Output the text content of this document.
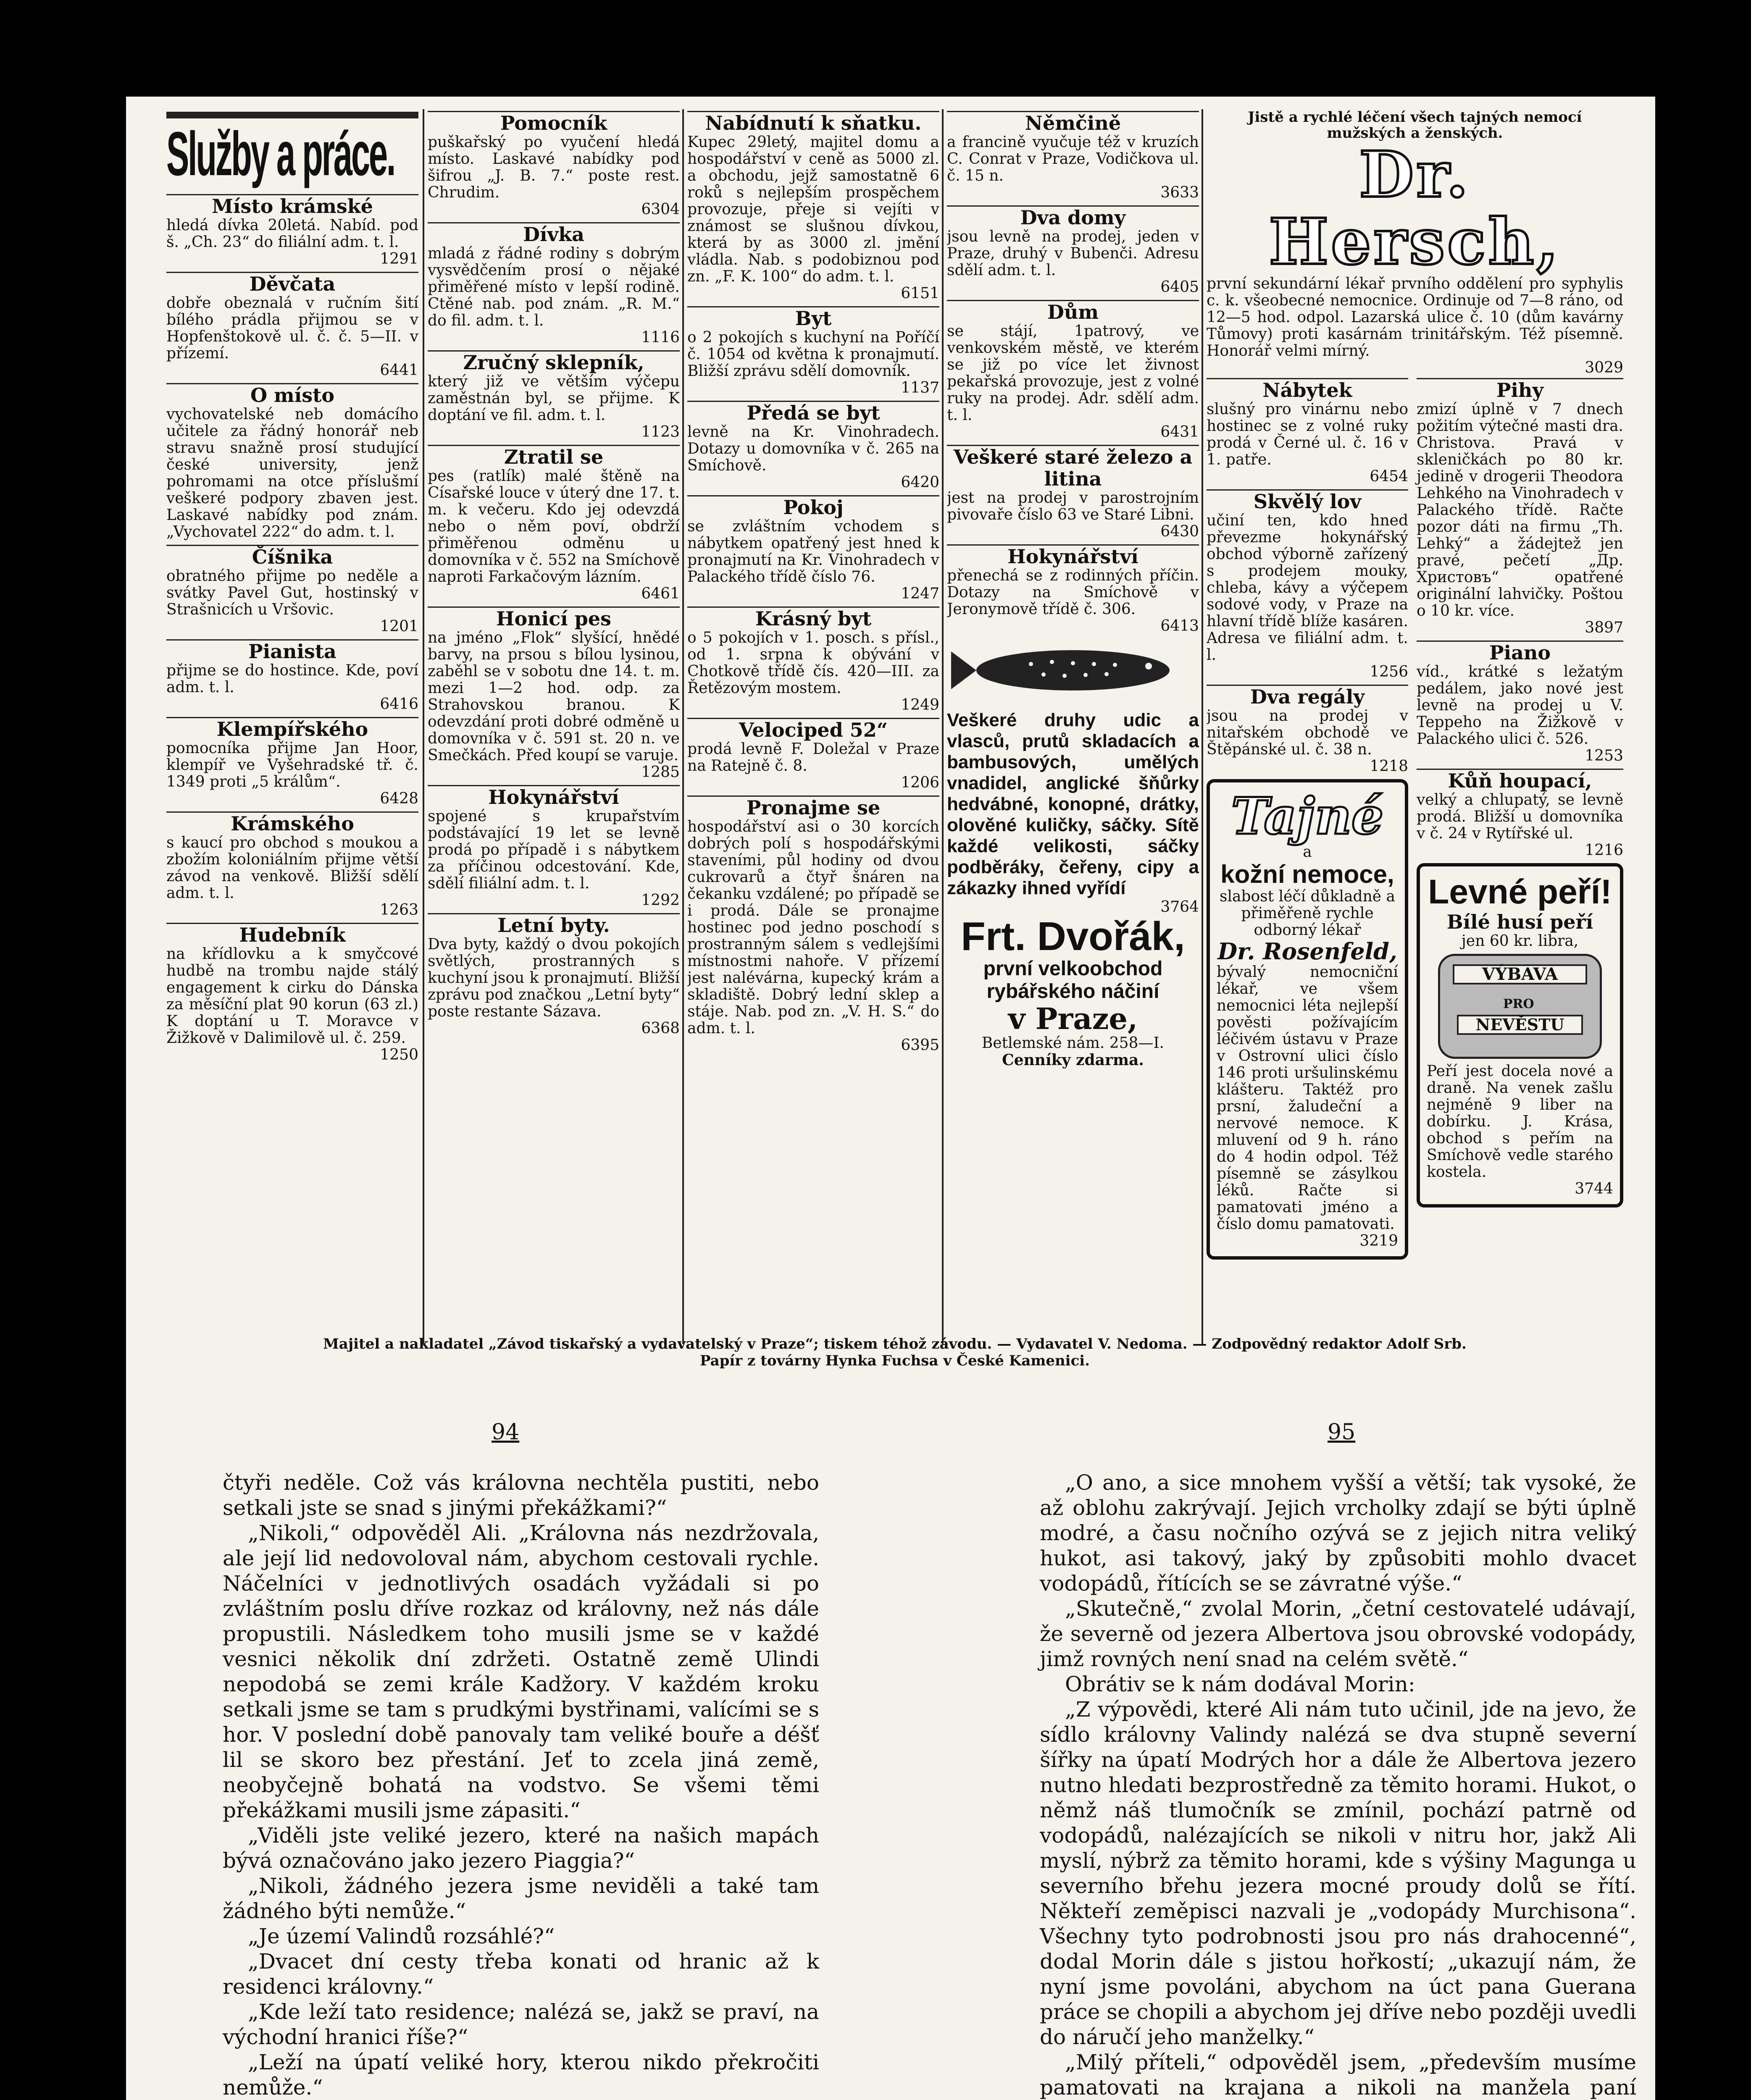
Služby a práce.
Místo krámské
hledá dívka 20letá. Nabíd. pod š. „Ch. 23“ do filiální adm. t. l.
1291
Děvčata
dobře obeznalá v ručním šití bílého prádla přijmou se v Hopfenštokově ul. č. č. 5—II. v přízemí.
6441
O místo
vychovatelské neb domácího učitele za řádný honorář neb stravu snažně prosí studující české university, jenž pohromami na otce příslušmí veškeré podpory zbaven jest. Laskavé nabídky pod znám. „Vychovatel 222“ do adm. t. l.
Číšnika
obratného přijme po neděle a svátky Pavel Gut, hostinský v Strašnicích u Vršovic.
1201
Pianista
přijme se do hostince. Kde, poví adm. t. l.
6416
Klempířského
pomocníka přijme Jan Hoor, klempíř ve Vyšehradské tř. č. 1349 proti „5 králům“.
6428
Krámského
s kaucí pro obchod s moukou a zbožím koloniálním přijme větší závod na venkově. Bližší sdělí adm. t. l.
1263
Hudebník
na křídlovku a k smyčcové hudbě na trombu najde stálý engagement k cirku do Dánska za měsíční plat 90 korun (63 zl.) K doptání u T. Moravce v Žižkově v Dalimilově ul. č. 259.
1250
Pomocník
puškařský po vyučení hledá místo. Laskavé nabídky pod šifrou „J. B. 7.“ poste rest. Chrudim.
6304
Dívka
mladá z řádné rodiny s dobrým vysvědčením prosí o nějaké přiměřené místo v lepší rodině. Ctěné nab. pod znám. „R. M.“ do fil. adm. t. l.
1116
Zručný sklepník,
který již ve větším výčepu zaměstnán byl, se přijme. K doptání ve fil. adm. t. l.
1123
Ztratil se
pes (ratlík) malé štěně na Císařské louce v úterý dne 17. t. m. k večeru. Kdo jej odevzdá nebo o něm poví, obdrží přiměřenou odměnu u domovníka v č. 552 na Smíchově naproti Farkačovým lázním.
6461
Honicí pes
na jméno „Flok“ slyšící, hnědé barvy, na prsou s bílou lysinou, zaběhl se v sobotu dne 14. t. m. mezi 1—2 hod. odp. za Strahovskou branou. K odevzdání proti dobré odměně u domovníka v č. 591 st. 20 n. ve Smečkách. Před koupí se varuje.
1285
Hokynářství
spojené s krupařstvím podstávající 19 let se levně prodá po případě i s nábytkem za příčinou odcestování. Kde, sdělí filiální adm. t. l.
1292
Letní byty.
Dva byty, každý o dvou pokojích světlých, prostranných s kuchyní jsou k pronajmutí. Bližší zprávu pod značkou „Letní byty“ poste restante Sázava.
6368
Nabídnutí k sňatku.
Kupec 29letý, majitel domu a hospodářství v ceně as 5000 zl. a obchodu, jejž samostatně 6 roků s nejlepším prospěchem provozuje, přeje si vejíti v známost se slušnou dívkou, která by as 3000 zl. jmění vládla. Nab. s podobiznou pod zn. „F. K. 100“ do adm. t. l.
6151
Byt
o 2 pokojích s kuchyní na Poříčí č. 1054 od května k pronajmutí. Bližší zprávu sdělí domovník.
1137
Předá se byt
levně na Kr. Vinohradech. Dotazy u domovníka v č. 265 na Smíchově.
6420
Pokoj
se zvláštním vchodem s nábytkem opatřený jest hned k pronajmutí na Kr. Vinohradech v Palackého třídě číslo 76.
1247
Krásný byt
o 5 pokojích v 1. posch. s přísl., od 1. srpna k obývání v Chotkově třídě čís. 420—III. za Řetězovým mostem.
1249
Velociped 52“
prodá levně F. Doležal v Praze na Ratejně č. 8.
1206
Pronajme se
hospodářství asi o 30 korcích dobrých polí s hospodářskými staveními, půl hodiny od dvou cukrovarů a čtyř šnáren na čekanku vzdálené; po případě se i prodá. Dále se pronajme hostinec pod jedno poschodí s prostranným sálem s vedlejšími místnostmi nahoře. V přízemí jest nalévárna, kupecký krám a skladiště. Dobrý lední sklep a stáje. Nab. pod zn. „V. H. S.“ do adm. t. l.
6395
Němčině
a francině vyučuje též v kruzích C. Conrat v Praze, Vodičkova ul. č. 15 n.
3633
Dva domy
jsou levně na prodej, jeden v Praze, druhý v Bubenči. Adresu sdělí adm. t. l.
6405
Dům
se stájí, 1patrový, ve venkovském městě, ve kterém se již po více let živnost pekařská provozuje, jest z volné ruky na prodej. Adr. sdělí adm. t. l.
6431
Veškeré staré železo a litina
jest na prodej v parostrojním pivovaře číslo 63 ve Staré Libni.
6430
Hokynářství
přenechá se z rodinných příčin. Dotazy na Smíchově v Jeronymově třídě č. 306.
6413
Veškeré druhy udic a vlasců, prutů skladacích a bambusových, umělých vnadidel, anglické šňůrky hedvábné, konopné, drátky, olověné kuličky, sáčky. Sítě každé velikosti, sáčky podběráky, čeřeny, cipy a zákazky ihned vyřídí
3764
Frt. Dvořák,
první velkoobchod rybářského náčiní
v Praze,
Betlemské nám. 258—I.
Cenníky zdarma.
Jistě a rychlé léčení všech tajných nemocí mužských a ženských.
Dr. Hersch,
první sekundární lékař prvního oddělení pro syphylis c. k. všeobecné nemocnice. Ordinuje od 7—8 ráno, od 12—5 hod. odpol. Lazarská ulice č. 10 (dům kavárny Tůmovy) proti kasárnám trinitářským. Též písemně. Honorář velmi mírný.
3029
Nábytek
slušný pro vinárnu nebo hostinec se z volné ruky prodá v Černé ul. č. 16 v 1. patře.
6454
Skvělý lov
učiní ten, kdo hned převezme hokynářský obchod výborně zařízený s prodejem mouky, chleba, kávy a výčepem sodové vody, v Praze na hlavní třídě blíže kasáren. Adresa ve filiální adm. t. l.
1256
Dva regály
jsou na prodej v nitařském obchodě ve Štěpánské ul. č. 38 n.
1218
Tajné
a
kožní nemoce,
slabost léčí důkladně a přiměřeně rychle odborný lékař
Dr. Rosenfeld,
bývalý nemocniční lékař, ve všem nemocnici léta nejlepší pověsti požívajícím léčivém ústavu v Praze v Ostrovní ulici číslo 146 proti uršulinskému klášteru. Taktéž pro prsní, žaludeční a nervové nemoce. K mluvení od 9 h. ráno do 4 hodin odpol. Též písemně se zásylkou léků. Račte si pamatovati jméno a číslo domu pamatovati.
3219
Pihy
zmizí úplně v 7 dnech požitím výtečné masti dra. Christova. Pravá v skleničkách po 80 kr. jedině v drogerii Theodora Lehkého na Vinohradech v Palackého třídě. Račte pozor dáti na firmu „Th. Lehký“ a žádejtež jen pravé, pečetí „Др. Христовъ“ opatřené originální lahvičky. Poštou o 10 kr. více.
3897
Piano
víd., krátké s ležatým pedálem, jako nové jest levně na prodej u V. Teppeho na Žižkově v Palackého ulici č. 526.
1253
Kůň houpací,
velký a chlupatý, se levně prodá. Bližší u domovníka v č. 24 v Rytířské ul.
1216
Levné peří!
Bílé husí peří
jen 60 kr. libra,
VÝBAVA
PRO
NEVĚSTU
Peří jest docela nové a draně. Na venek zašlu nejméně 9 liber na dobírku. J. Krása, obchod s peřím na Smíchově vedle starého kostela.
3744
Majitel a nakladatel „Závod tiskařský a vydavatelský v Praze“; tiskem téhož závodu. — Vydavatel V. Nedoma. — Zodpovědný redaktor Adolf Srb.
Papír z továrny Hynka Fuchsa v České Kamenici.
94	95

čtyři neděle. Což vás královna nechtěla pustiti, nebo setkali jste se snad s jinými překážkami?“

„Nikoli,“ odpověděl Ali. „Královna nás nezdržovala, ale její lid nedovoloval nám, abychom cestovali rychle. Náčelníci v jednotlivých osadách vyžádali si po zvláštním poslu dříve rozkaz od královny, než nás dále propustili. Následkem toho musili jsme se v každé vesnici několik dní zdržeti. Ostatně země Ulindi nepodobá se zemi krále Kadžory. V každém kroku setkali jsme se tam s prudkými bystřinami, valícími se s hor. V poslední době panovaly tam veliké bouře a déšť lil se skoro bez přestání. Jeť to zcela jiná země, neobyčejně bohatá na vodstvo. Se všemi těmi překážkami musili jsme zápasiti.“

„Viděli jste veliké jezero, které na našich mapách bývá označováno jako jezero Piaggia?“

„Nikoli, žádného jezera jsme neviděli a také tam žádného býti nemůže.“

„Je území Valindů rozsáhlé?“

„Dvacet dní cesty třeba konati od hranic až k residenci královny.“

„Kde leží tato residence; nalézá se, jakž se praví, na východní hranici říše?“

„Leží na úpatí veliké hory, kterou nikdo překročiti nemůže.“

„O ano, a sice mnohem vyšší a větší; tak vysoké, že až oblohu zakrývají. Jejich vrcholky zdají se býti úplně modré, a času nočního ozývá se z jejich nitra veliký hukot, asi takový, jaký by způsobiti mohlo dvacet vodopádů, řítících se se závratné výše.“

„Skutečně,“ zvolal Morin, „četní cestovatelé udávají, že severně od jezera Albertova jsou obrovské vodopády, jimž rovných není snad na celém světě.“

Obrátiv se k nám dodával Morin:

„Z výpovědi, které Ali nám tuto učinil, jde na jevo, že sídlo královny Valindy nalézá se dva stupně severní šířky na úpatí Modrých hor a dále že Albertova jezero nutno hledati bezprostředně za těmito horami. Hukot, o němž náš tlumočník se zmínil, pochází patrně od vodopádů, nalézajících se nikoli v nitru hor, jakž Ali myslí, nýbrž za těmito horami, kde s výšiny Magunga u severního břehu jezera mocné proudy dolů se řítí. Někteří zeměpisci nazvali je „vodopády Murchisona“. Všechny tyto podrobnosti jsou pro nás drahocenné“, dodal Morin dále s jistou hořkostí; „ukazují nám, že nyní jsme povoláni, abychom na úct pana Guerana práce se chopili a abychom jej dříve nebo později uvedli do náručí jeho manželky.“

„Milý příteli,“ odpověděl jsem, „především musíme pamatovati na krajana a nikoli na manžela paní
